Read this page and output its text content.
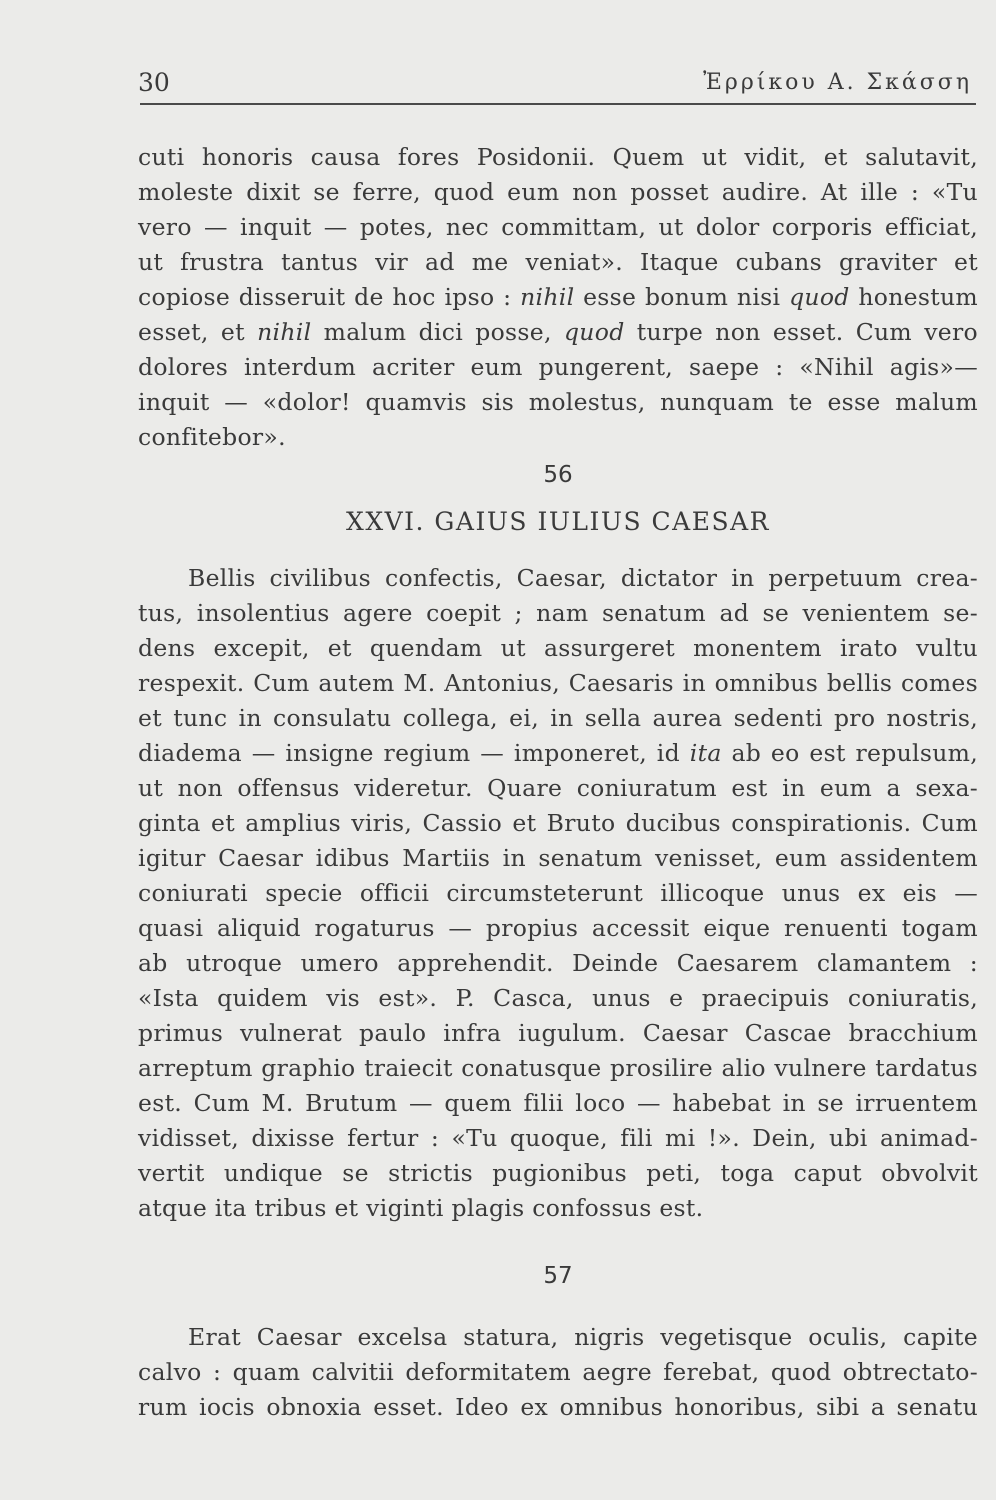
30	Ἐρρίκου Α. Σκάσση
cuti honoris causa fores Posidonii. Quem ut vidit, et salutavit,
moleste dixit se ferre, quod eum non posset audire. At ille : «Tu
vero — inquit — potes, nec committam, ut dolor corporis efficiat,
ut frustra tantus vir ad me veniat». Itaque cubans graviter et
copiose disseruit de hoc ipso : nihil esse bonum nisi quod honestum
esset, et nihil malum dici posse, quod turpe non esset. Cum vero
dolores interdum acriter eum pungerent, saepe : «Nihil agis»—
inquit — «dolor! quamvis sis molestus, nunquam te esse malum
confitebor».
56
XXVI. GAIUS IULIUS CAESAR
Bellis civilibus confectis, Caesar, dictator in perpetuum crea-
tus, insolentius agere coepit ; nam senatum ad se venientem se-
dens excepit, et quendam ut assurgeret monentem irato vultu
respexit. Cum autem M. Antonius, Caesaris in omnibus bellis comes
et tunc in consulatu collega, ei, in sella aurea sedenti pro nostris,
diadema — insigne regium — imponeret, id ita ab eo est repulsum,
ut non offensus videretur. Quare coniuratum est in eum a sexa-
ginta et amplius viris, Cassio et Bruto ducibus conspirationis. Cum
igitur Caesar idibus Martiis in senatum venisset, eum assidentem
coniurati specie officii circumsteterunt illicoque unus ex eis —
quasi aliquid rogaturus — propius accessit eique renuenti togam
ab utroque umero apprehendit. Deinde Caesarem clamantem :
«Ista quidem vis est». P. Casca, unus e praecipuis coniuratis,
primus vulnerat paulo infra iugulum. Caesar Cascae bracchium
arreptum graphio traiecit conatusque prosilire alio vulnere tardatus
est. Cum M. Brutum — quem filii loco — habebat in se irruentem
vidisset, dixisse fertur : «Tu quoque, fili mi !». Dein, ubi animad-
vertit undique se strictis pugionibus peti, toga caput obvolvit
atque ita tribus et viginti plagis confossus est.
57
Erat Caesar excelsa statura, nigris vegetisque oculis, capite
calvo : quam calvitii deformitatem aegre ferebat, quod obtrectato-
rum iocis obnoxia esset. Ideo ex omnibus honoribus, sibi a senatu
